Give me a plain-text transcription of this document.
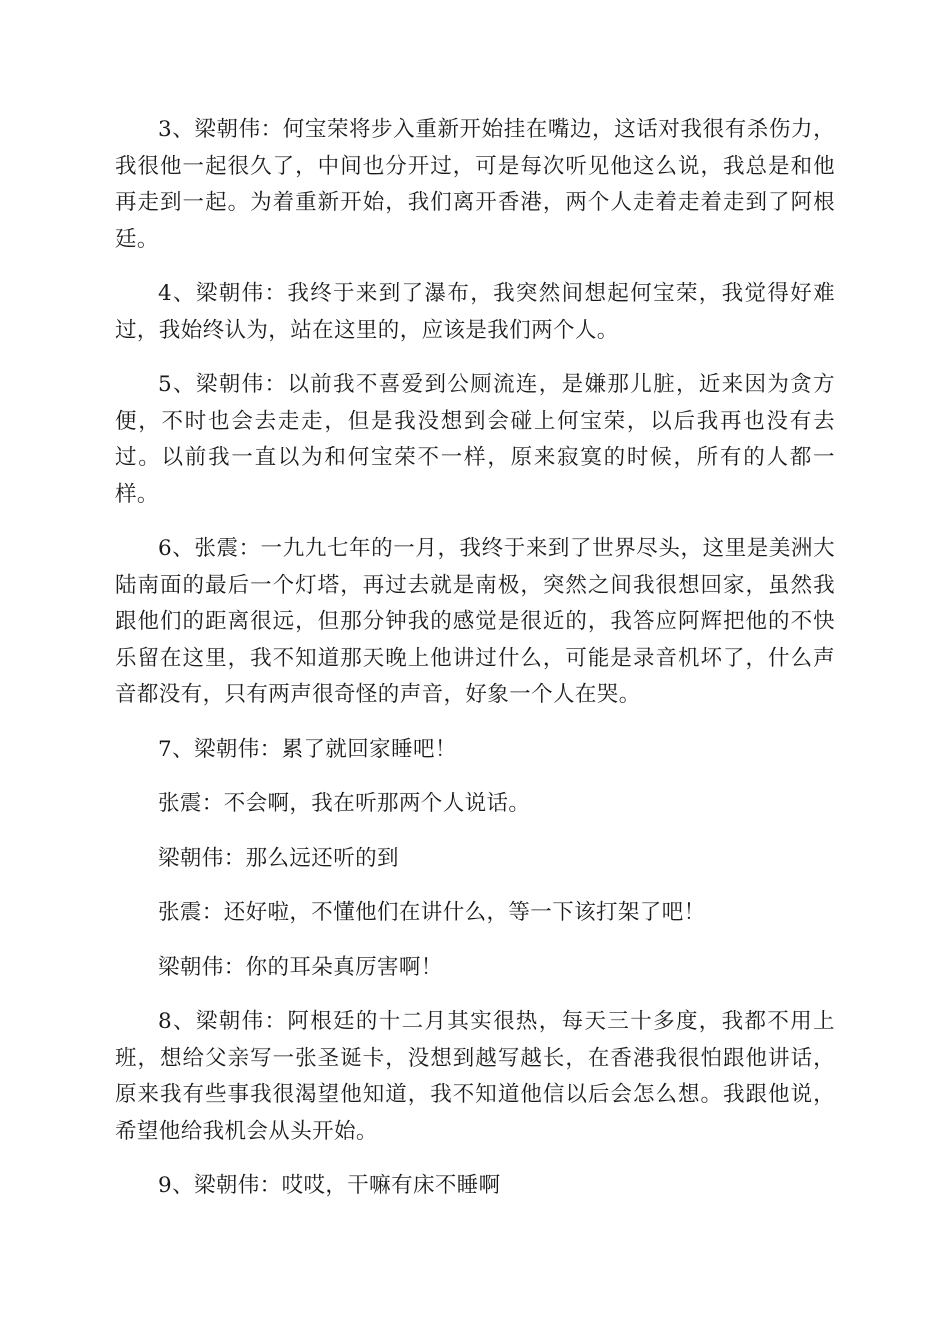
3、梁朝伟：何宝荣将步入重新开始挂在嘴边，这话对我很有杀伤力，我很他一起很久了，中间也分开过，可是每次听见他这么说，我总是和他再走到一起。为着重新开始，我们离开香港，两个人走着走着走到了阿根廷。

4、梁朝伟：我终于来到了瀑布，我突然间想起何宝荣，我觉得好难过，我始终认为，站在这里的，应该是我们两个人。

5、梁朝伟：以前我不喜爱到公厕流连，是嫌那儿脏，近来因为贪方便，不时也会去走走，但是我没想到会碰上何宝荣，以后我再也没有去过。以前我一直以为和何宝荣不一样，原来寂寞的时候，所有的人都一样。

6、张震：一九九七年的一月，我终于来到了世界尽头，这里是美洲大陆南面的最后一个灯塔，再过去就是南极，突然之间我很想回家，虽然我跟他们的距离很远，但那分钟我的感觉是很近的，我答应阿辉把他的不快乐留在这里，我不知道那天晚上他讲过什么，可能是录音机坏了，什么声音都没有，只有两声很奇怪的声音，好象一个人在哭。

7、梁朝伟：累了就回家睡吧！

张震：不会啊，我在听那两个人说话。

梁朝伟：那么远还听的到

张震：还好啦，不懂他们在讲什么，等一下该打架了吧！

梁朝伟：你的耳朵真厉害啊！

8、梁朝伟：阿根廷的十二月其实很热，每天三十多度，我都不用上班，想给父亲写一张圣诞卡，没想到越写越长，在香港我很怕跟他讲话，原来我有些事我很渴望他知道，我不知道他信以后会怎么想。我跟他说，希望他给我机会从头开始。

9、梁朝伟：哎哎，干嘛有床不睡啊
